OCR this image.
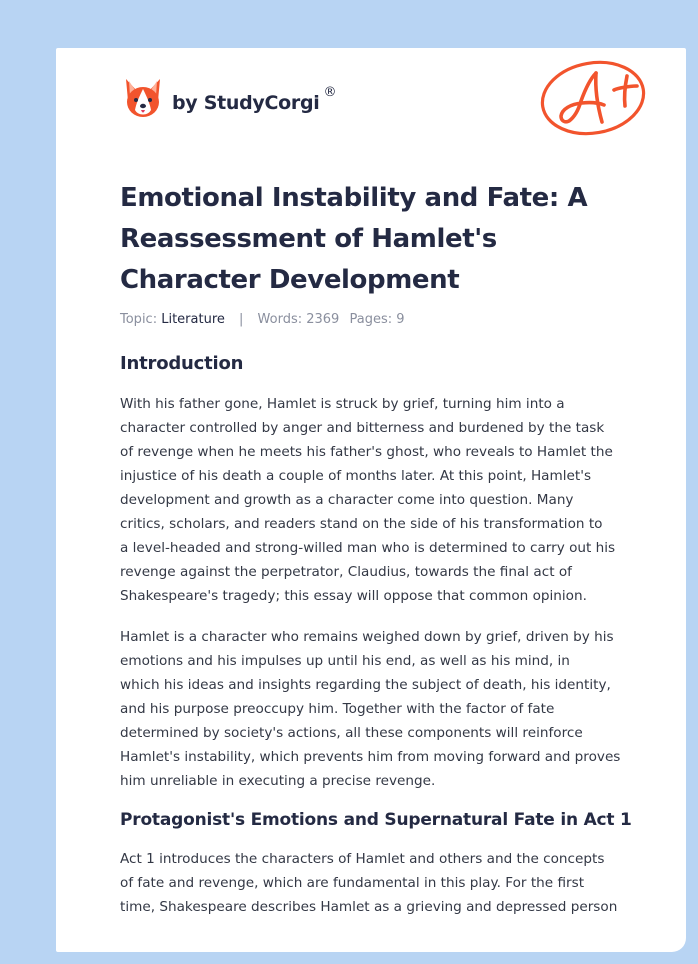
by StudyCorgi ®
Emotional Instability and Fate: A
Reassessment of Hamlet's
Character Development
Topic: Literature | Words: 2369 Pages: 9
Introduction

With his father gone, Hamlet is struck by grief, turning him into a
character controlled by anger and bitterness and burdened by the task
of revenge when he meets his father's ghost, who reveals to Hamlet the
injustice of his death a couple of months later. At this point, Hamlet's
development and growth as a character come into question. Many
critics, scholars, and readers stand on the side of his transformation to
a level-headed and strong-willed man who is determined to carry out his
revenge against the perpetrator, Claudius, towards the final act of
Shakespeare's tragedy; this essay will oppose that common opinion.

Hamlet is a character who remains weighed down by grief, driven by his
emotions and his impulses up until his end, as well as his mind, in
which his ideas and insights regarding the subject of death, his identity,
and his purpose preoccupy him. Together with the factor of fate
determined by society's actions, all these components will reinforce
Hamlet's instability, which prevents him from moving forward and proves
him unreliable in executing a precise revenge.

Protagonist's Emotions and Supernatural Fate in Act 1

Act 1 introduces the characters of Hamlet and others and the concepts
of fate and revenge, which are fundamental in this play. For the first
time, Shakespeare describes Hamlet as a grieving and depressed person
